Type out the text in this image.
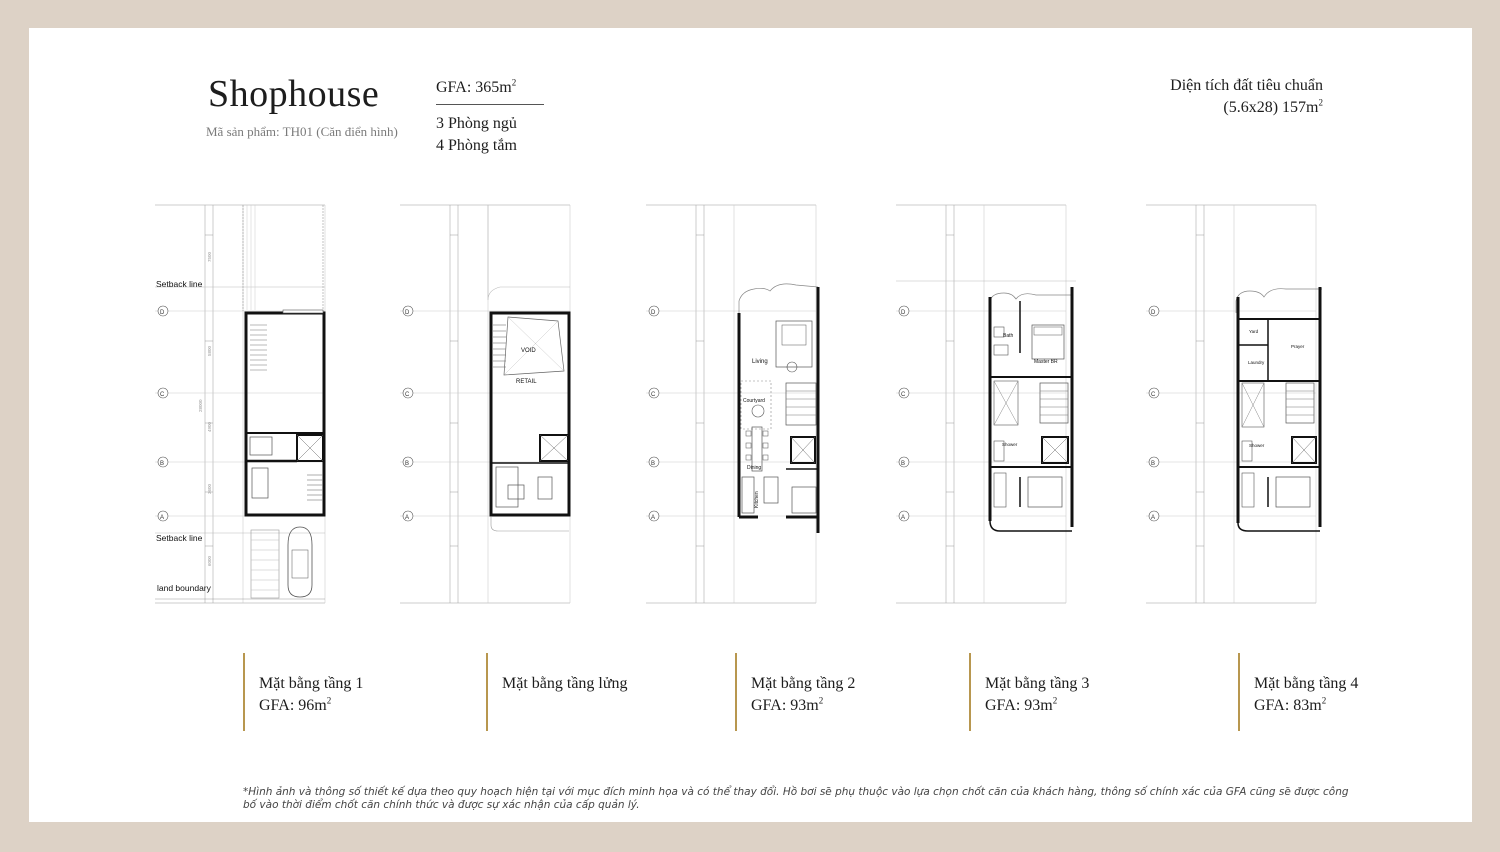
Shophouse
Mã sản phẩm: TH01 (Căn điển hình)
GFA: $365m^2$
3 Phòng ngủ
4 Phòng tắm
Diện tích đất tiêu chuẩn
(5.6x28) $157m^2$
Setback line
Setback line
land boundary
D
C
B
A
7500
5800
4900
3600
6000
28000
VOID
RETAIL
D
C
B
A
Living
Courtyard
Dining
Kitchen
D
C
B
A
Bath
Master BR
Shower
D
C
B
A
Yard
Prayer
Laundry
Shower
D
C
B
A
Mặt bằng tầng 1
GFA: $96m^2$
Mặt bằng tầng lửng	Mặt bằng tầng 2
GFA: $93m^2$
Mặt bằng tầng 3
GFA: $93m^2$
Mặt bằng tầng 4
GFA: $83m^2$
*Hình ảnh và thông số thiết kế dựa theo quy hoạch hiện tại với mục đích minh họa và có thể thay đổi. Hồ bơi sẽ phụ thuộc vào lựa chọn chốt căn của khách hàng, thông số chính xác của GFA cũng sẽ được công bố vào thời điểm chốt căn chính thức và được sự xác nhận của cấp quản lý.
